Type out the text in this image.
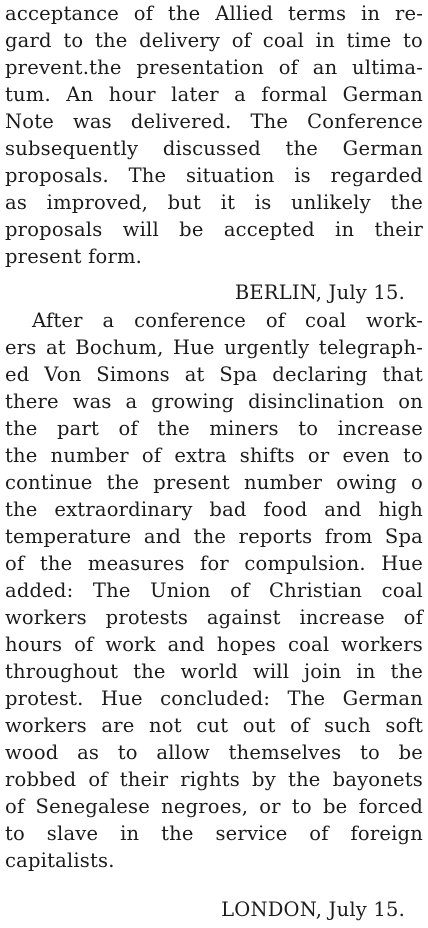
acceptance of the Allied terms in re-
gard to the delivery of coal in time to
prevent.the presentation of an ultima-
tum. An hour later a formal German
Note was delivered. The Conference
subsequently discussed the German
proposals. The situation is regarded
as improved, but it is unlikely the
proposals will be accepted in their
present form.
BERLIN, July 15.
After a conference of coal work-
ers at Bochum, Hue urgently telegraph-
ed Von Simons at Spa declaring that
there was a growing disinclination on
the part of the miners to increase
the number of extra shifts or even to
continue the present number owing o
the extraordinary bad food and high
temperature and the reports from Spa
of the measures for compulsion. Hue
added: The Union of Christian coal
workers protests against increase of
hours of work and hopes coal workers
throughout the world will join in the
protest. Hue concluded: The German
workers are not cut out of such soft
wood as to allow themselves to be
robbed of their rights by the bayonets
of Senegalese negroes, or to be forced
to slave in the service of foreign
capitalists.
LONDON, July 15.
